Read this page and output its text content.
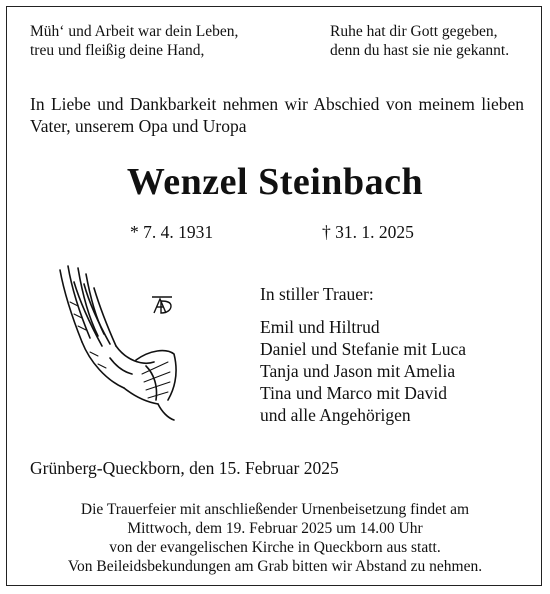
Müh‘ und Arbeit war dein Leben,
treu und fleißig deine Hand,
Ruhe hat dir Gott gegeben,
denn du hast sie nie gekannt.
In Liebe und Dankbarkeit nehmen wir Abschied von meinem lieben Vater, unserem Opa und Uropa
Wenzel Steinbach
* 7. 4. 1931	† 31. 1. 2025
In stiller Trauer:
Emil und Hiltrud
Daniel und Stefanie mit Luca
Tanja und Jason mit Amelia
Tina und Marco mit David
und alle Angehörigen
Grünberg-Queckborn, den 15. Februar 2025
Die Trauerfeier mit anschließender Urnenbeisetzung findet am
Mittwoch, dem 19. Februar 2025 um 14.00 Uhr
von der evangelischen Kirche in Queckborn aus statt.
Von Beileidsbekundungen am Grab bitten wir Abstand zu nehmen.
